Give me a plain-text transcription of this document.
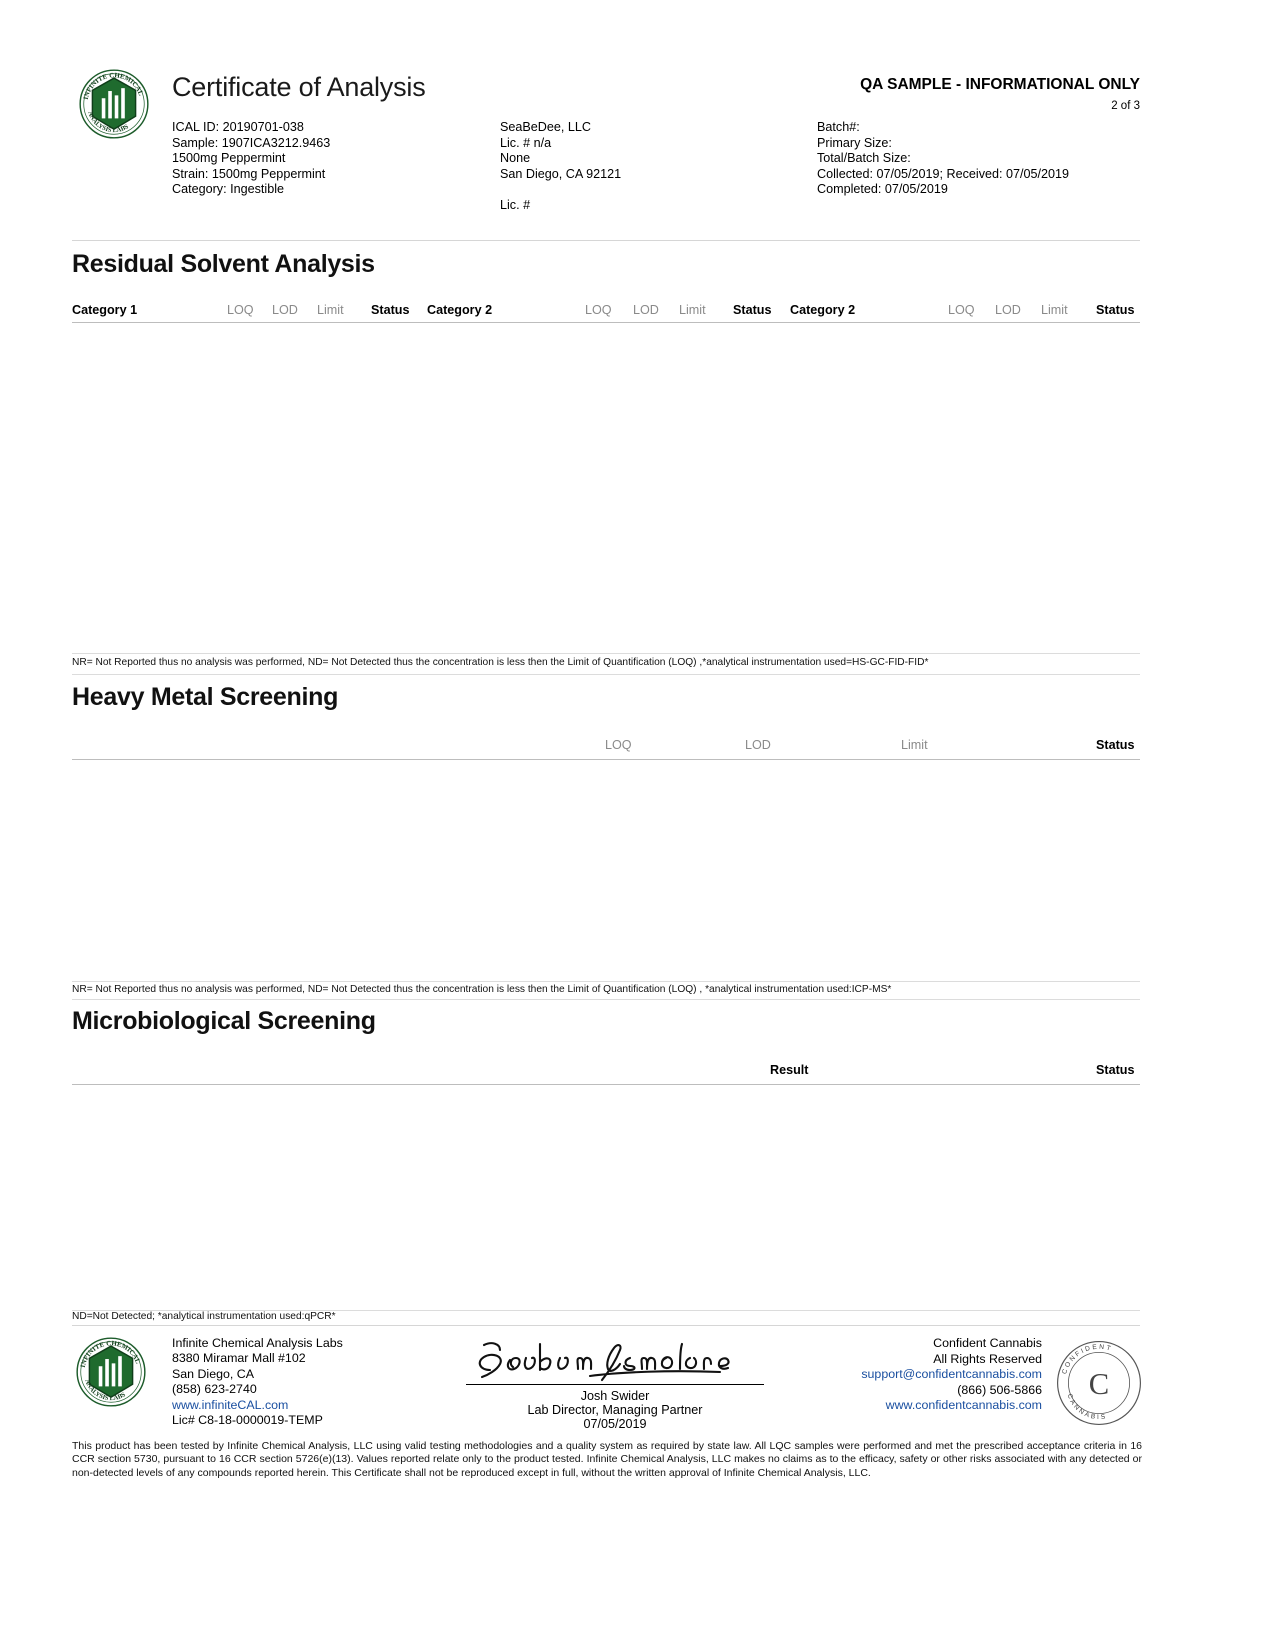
INFINITE CHEMICAL
ANALYSIS LABS
Certificate of Analysis	QA SAMPLE - INFORMATIONAL ONLY
2 of 3
ICAL ID: 20190701-038
Sample: 1907ICA3212.9463
1500mg Peppermint
Strain: 1500mg Peppermint
Category: Ingestible
SeaBeDee, LLC
Lic. # n/a
None
San Diego, CA 92121
Lic. #
Batch#:
Primary Size:
Total/Batch Size:
Collected: 07/05/2019; Received: 07/05/2019
Completed: 07/05/2019
Residual Solvent Analysis
Category 1	LOQ LOD Limit Status Category 2	LOQ LOD Limit Status Category 2	LOQ LOD Limit Status
NR= Not Reported thus no analysis was performed, ND= Not Detected thus the concentration is less then the Limit of Quantification (LOQ) ,*analytical instrumentation used=HS-GC-FID-FID*
Heavy Metal Screening
LOQ	LOD	Limit	Status
NR= Not Reported thus no analysis was performed, ND= Not Detected thus the concentration is less then the Limit of Quantification (LOQ) , *analytical instrumentation used:ICP-MS*
Microbiological Screening
Result	Status
ND=Not Detected; *analytical instrumentation used:qPCR*
INFINITE CHEMICAL
ANALYSIS LABS
Infinite Chemical Analysis Labs
8380 Miramar Mall #102
San Diego, CA
(858) 623-2740
www.infiniteCAL.com
Lic# C8-18-0000019-TEMP
Josh Swider
Lab Director, Managing Partner
07/05/2019
Confident Cannabis
All Rights Reserved
support@confidentcannabis.com
(866) 506-5866
www.confidentcannabis.com
C
CONFIDENT
CANNABIS
This product has been tested by Infinite Chemical Analysis, LLC using valid testing methodologies and a quality system as required by state law. All LQC samples were performed and met the prescribed acceptance criteria in 16 CCR section 5730, pursuant to 16 CCR section 5726(e)(13). Values reported relate only to the product tested. Infinite Chemical Analysis, LLC makes no claims as to the efficacy, safety or other risks associated with any detected or non-detected levels of any compounds reported herein. This Certificate shall not be reproduced except in full, without the written approval of Infinite Chemical Analysis, LLC.
